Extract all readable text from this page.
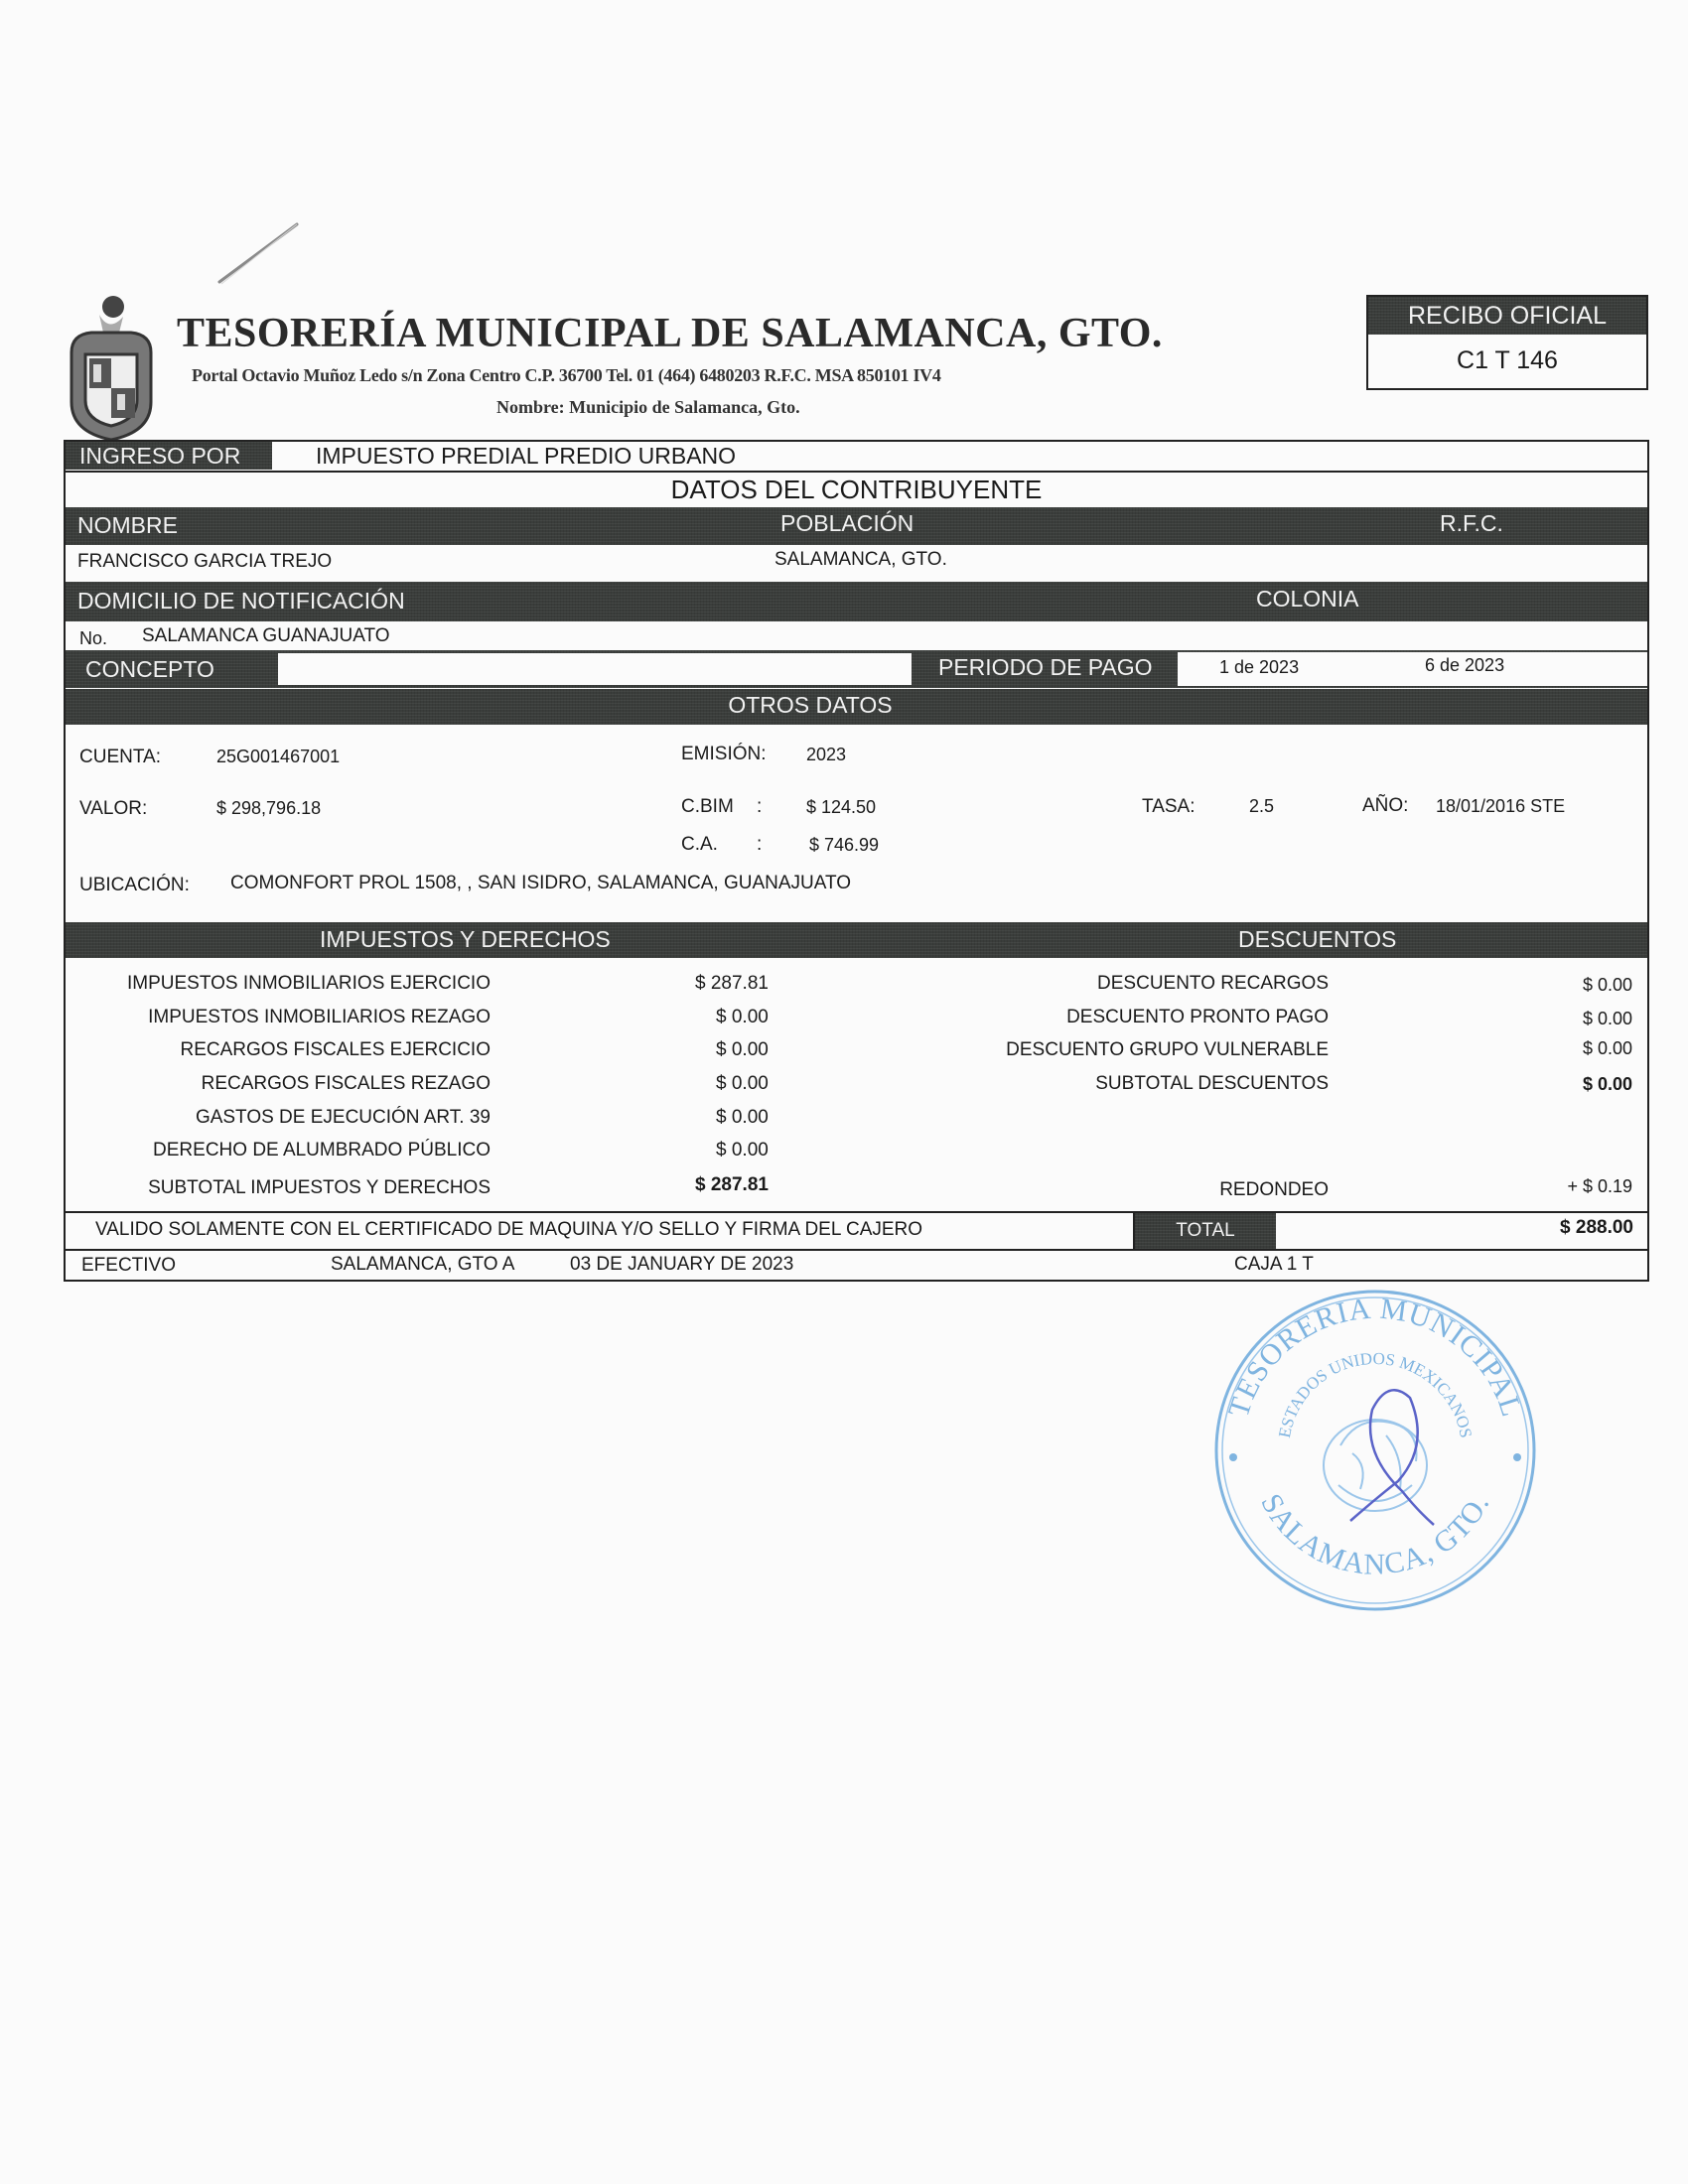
TESORERÍA MUNICIPAL DE SALAMANCA, GTO.
Portal Octavio Muñoz Ledo s/n Zona Centro C.P. 36700 Tel. 01 (464) 6480203 R.F.C. MSA 850101 IV4
Nombre: Municipio de Salamanca, Gto.
RECIBO OFICIAL
C1 T 146
INGRESO POR	IMPUESTO PREDIAL PREDIO URBANO
DATOS DEL CONTRIBUYENTE
NOMBRE	POBLACIÓN	R.F.C.
FRANCISCO GARCIA TREJO	SALAMANCA, GTO.
DOMICILIO DE NOTIFICACIÓN	COLONIA
No. SALAMANCA GUANAJUATO
CONCEPTO	PERIODO DE PAGO	1 de 2023	6 de 2023
OTROS DATOS
CUENTA:	25G001467001	EMISIÓN: 2023
VALOR:	$ 298,796.18	C.BIM : $ 124.50	TASA:	2.5	AÑO: 18/01/2016 STE
C.A. :	$ 746.99
UBICACIÓN: COMONFORT PROL 1508, , SAN ISIDRO, SALAMANCA, GUANAJUATO
IMPUESTOS Y DERECHOS	DESCUENTOS
IMPUESTOS INMOBILIARIOS EJERCICIO	$ 287.81
IMPUESTOS INMOBILIARIOS REZAGO	$ 0.00
RECARGOS FISCALES EJERCICIO	$ 0.00
RECARGOS FISCALES REZAGO	$ 0.00
GASTOS DE EJECUCIÓN ART. 39	$ 0.00
DERECHO DE ALUMBRADO PÚBLICO	$ 0.00
SUBTOTAL IMPUESTOS Y DERECHOS	$ 287.81
DESCUENTO RECARGOS	$ 0.00
DESCUENTO PRONTO PAGO	$ 0.00
DESCUENTO GRUPO VULNERABLE	$ 0.00
SUBTOTAL DESCUENTOS	$ 0.00
REDONDEO	+ $ 0.19
VALIDO SOLAMENTE CON EL CERTIFICADO DE MAQUINA Y/O SELLO Y FIRMA DEL CAJERO	TOTAL	$ 288.00
EFECTIVO	SALAMANCA, GTO A	03 DE JANUARY DE 2023	CAJA 1 T
TESORERIA MUNICIPAL
ESTADOS UNIDOS MEXICANOS
SALAMANCA, GTO.
